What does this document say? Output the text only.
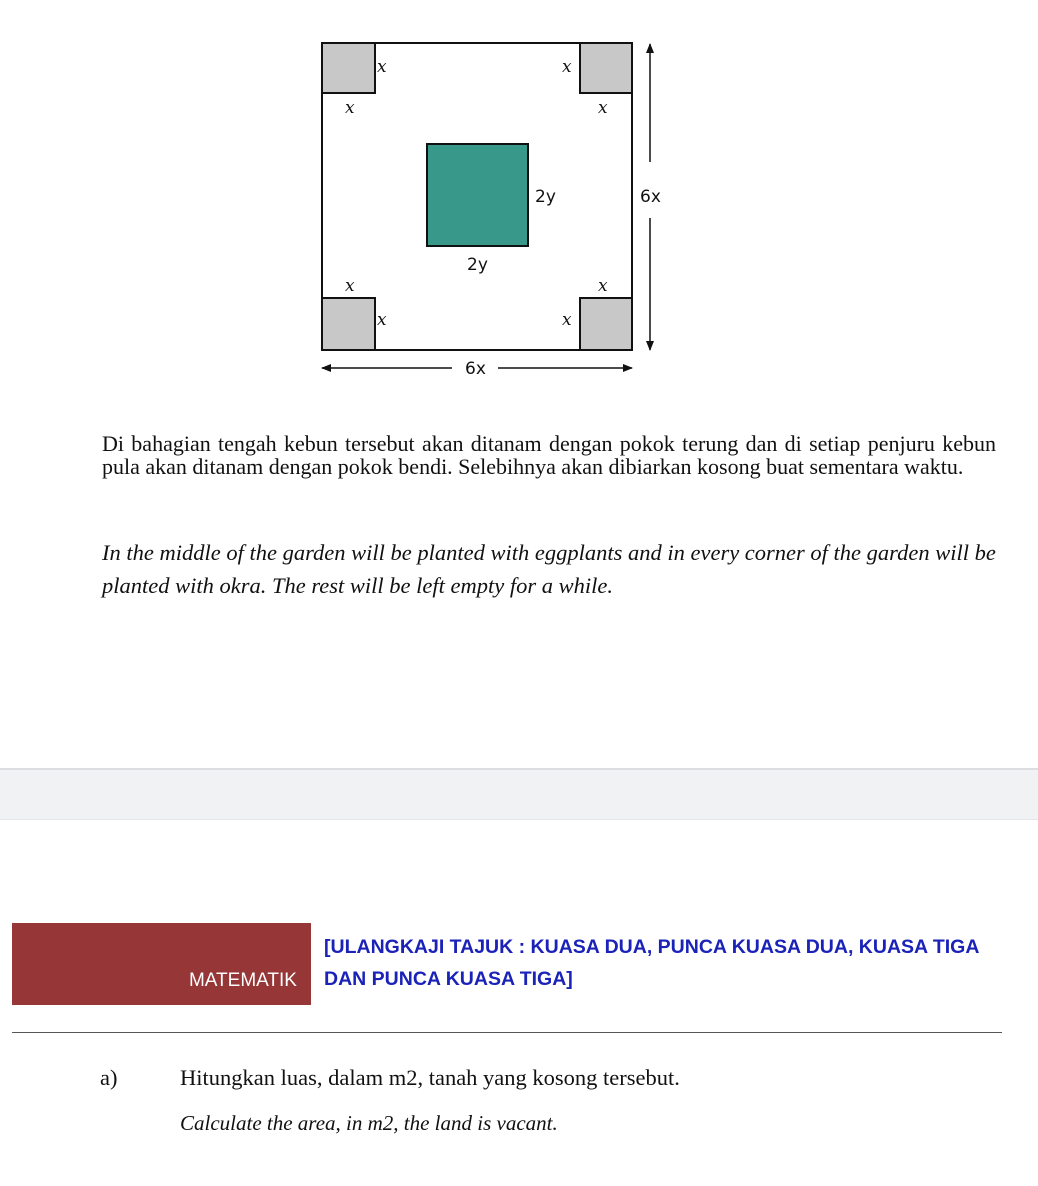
x
x
x
x
x
x
x
x
2y
2y
6x
6x

Di bahagian tengah kebun tersebut akan ditanam dengan pokok terung dan di setiap penjuru kebun pula akan ditanam dengan pokok bendi. Selebihnya akan dibiarkan kosong buat sementara waktu.

In the middle of the garden will be planted with eggplants and in every corner of the garden will be planted with okra. The rest will be left empty for a while.

MATEMATIK
Form 3 PRA 2025
[ULANGKAJI TAJUK : KUASA DUA, PUNCA KUASA DUA, KUASA TIGA DAN PUNCA KUASA TIGA]

a)	Hitungkan luas, dalam m2, tanah yang kosong tersebut.

Calculate the area, in m2, the land is vacant.
